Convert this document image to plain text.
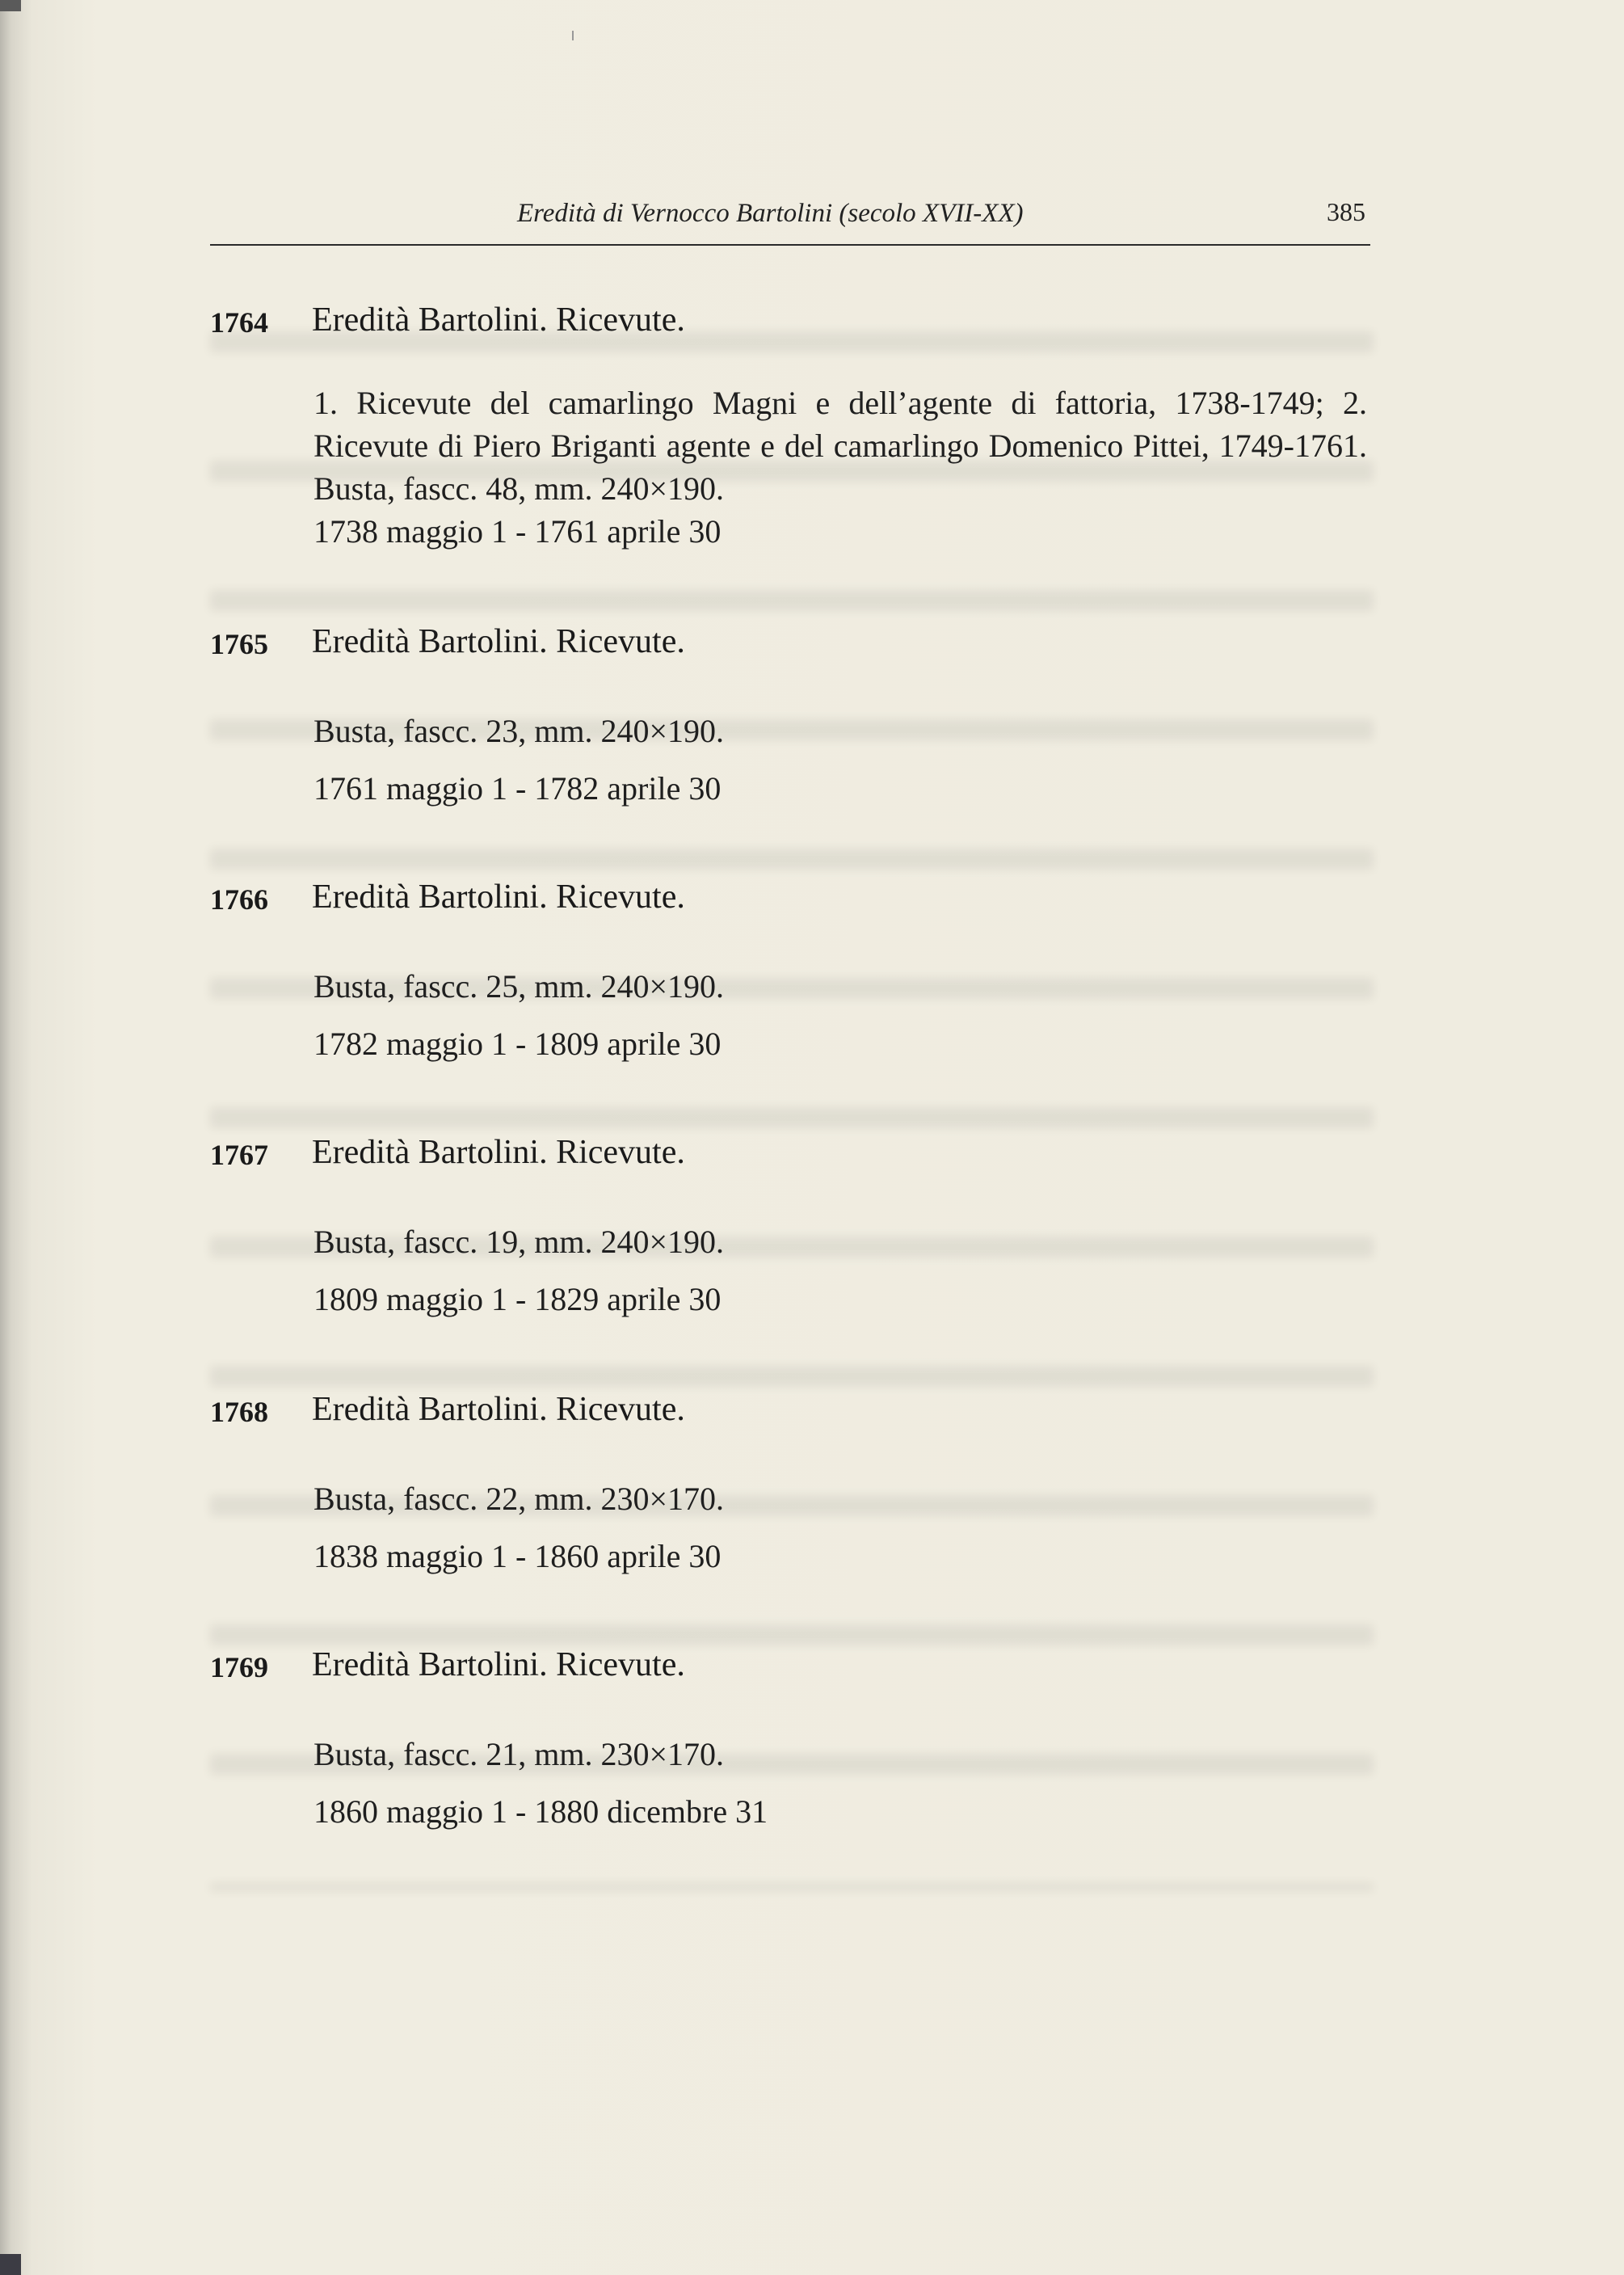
Eredità di Vernocco Bartolini (secolo XVII-XX)	385
1764 Eredità Bartolini. Ricevute.
1. Ricevute del camarlingo Magni e dell’agente di fattoria, 1738-1749; 2. Ricevute di Piero Briganti agente e del camarlingo Domenico Pittei, 1749-1761. Busta, fascc. 48, mm. 240×190.
1738 maggio 1 - 1761 aprile 30
1765 Eredità Bartolini. Ricevute.
Busta, fascc. 23, mm. 240×190.
1761 maggio 1 - 1782 aprile 30
1766 Eredità Bartolini. Ricevute.
Busta, fascc. 25, mm. 240×190.
1782 maggio 1 - 1809 aprile 30
1767 Eredità Bartolini. Ricevute.
Busta, fascc. 19, mm. 240×190.
1809 maggio 1 - 1829 aprile 30
1768 Eredità Bartolini. Ricevute.
Busta, fascc. 22, mm. 230×170.
1838 maggio 1 - 1860 aprile 30
1769 Eredità Bartolini. Ricevute.
Busta, fascc. 21, mm. 230×170.
1860 maggio 1 - 1880 dicembre 31
